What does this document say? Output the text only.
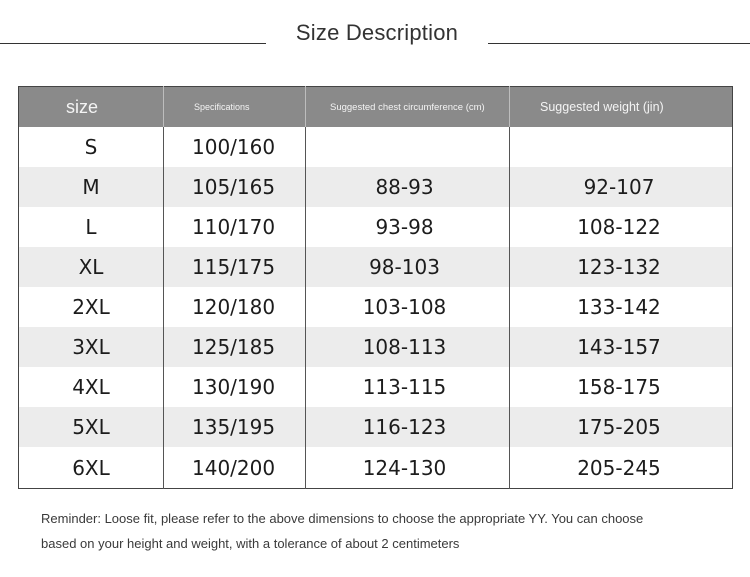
Size Description
size	Specifications	Suggested chest circumference (cm)	Suggested weight (jin)
S	100/160		
M	105/165	88-93	92-107
L	110/170	93-98	108-122
XL	115/175	98-103	123-132
2XL	120/180	103-108	133-142
3XL	125/185	108-113	143-157
4XL	130/190	113-115	158-175
5XL	135/195	116-123	175-205
6XL	140/200	124-130	205-245
Reminder: Loose fit, please refer to the above dimensions to choose the appropriate YY. You can choose
based on your height and weight, with a tolerance of about 2 centimeters
